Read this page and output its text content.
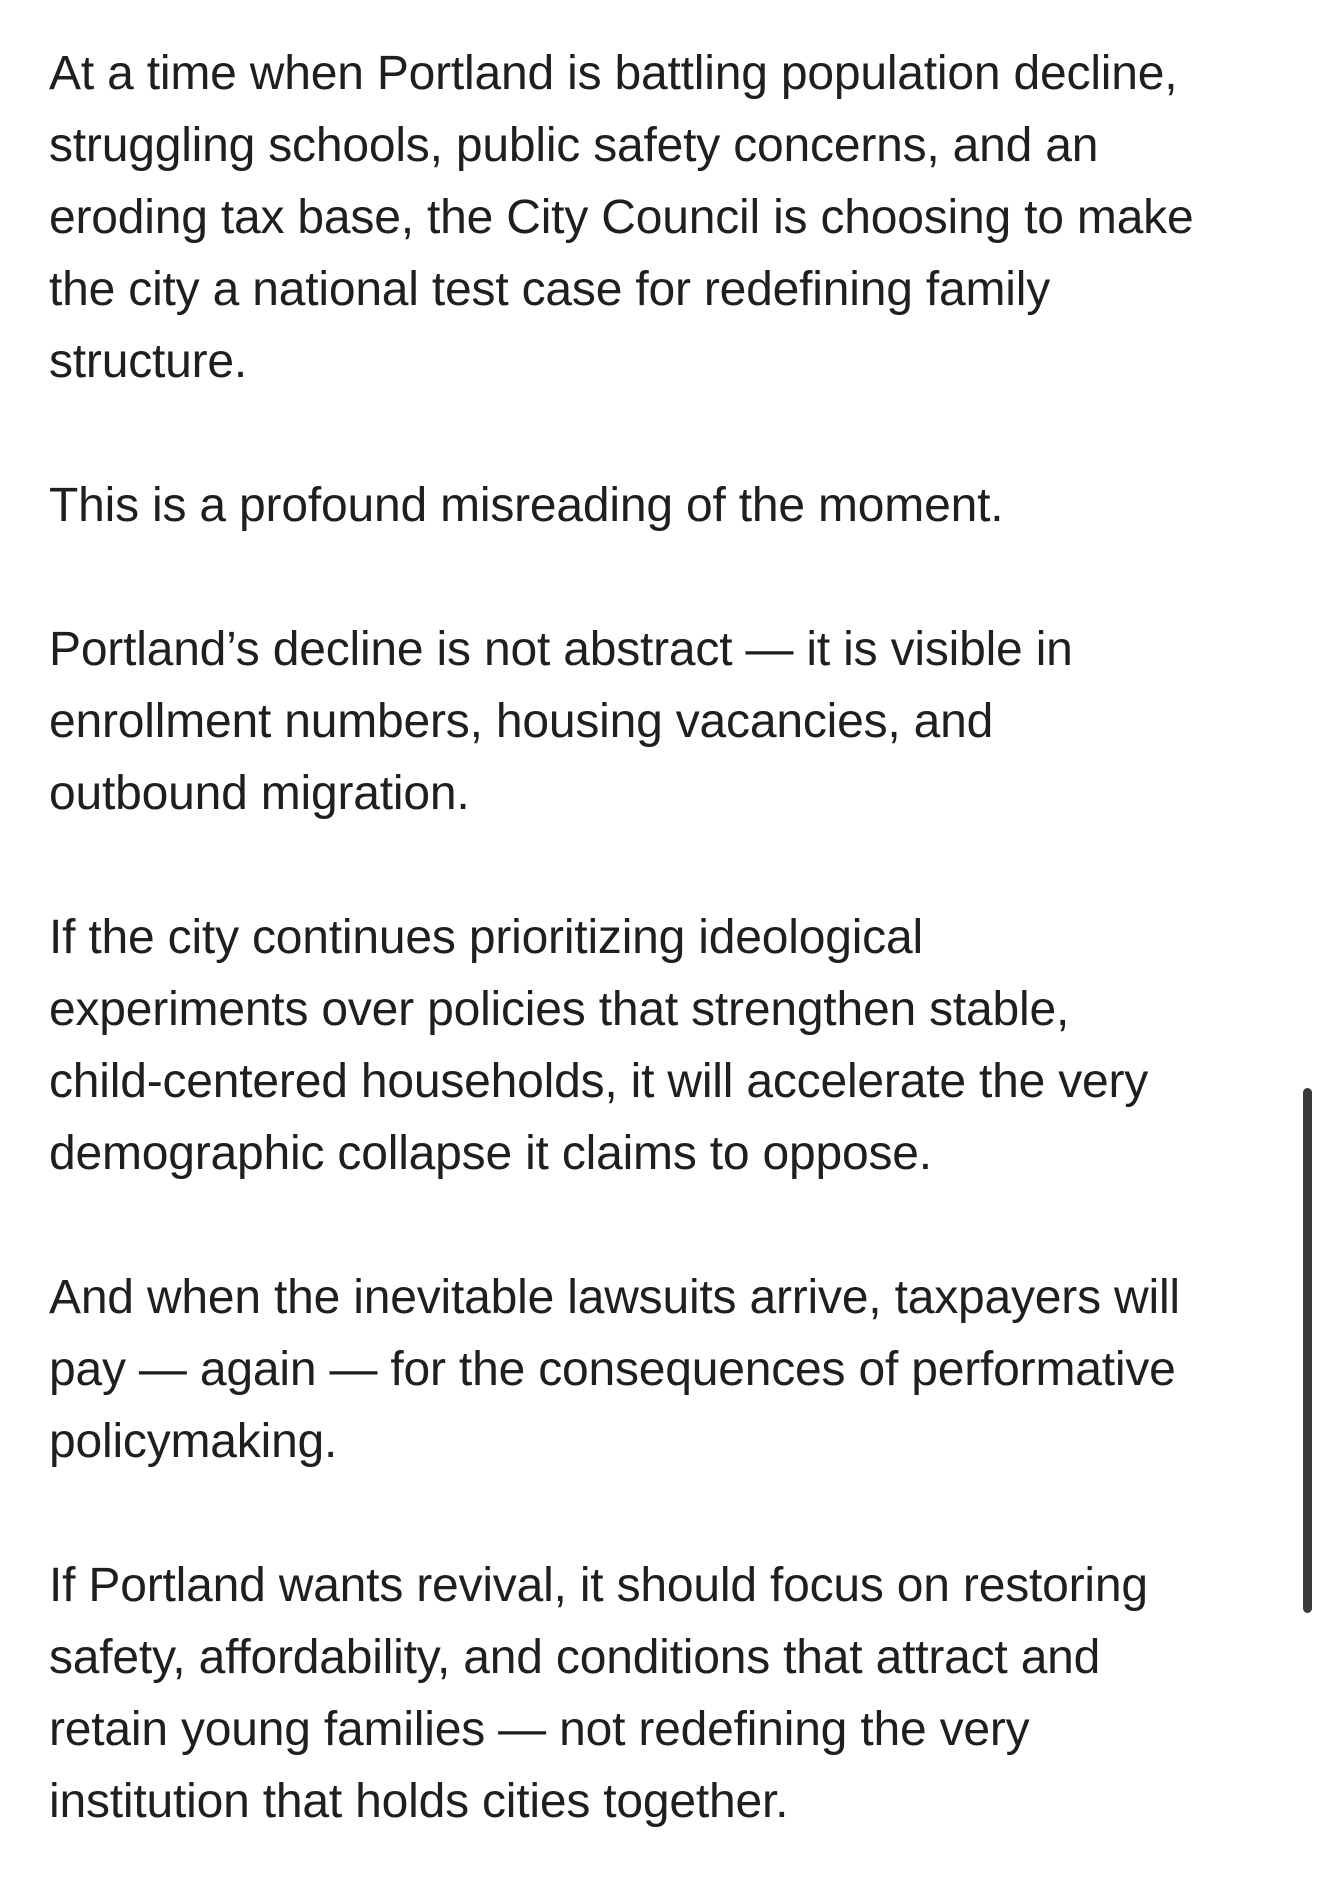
At a time when Portland is battling population decline,
struggling schools, public safety concerns, and an
eroding tax base, the City Council is choosing to make
the city a national test case for redefining family
structure.

This is a profound misreading of the moment.

Portland’s decline is not abstract — it is visible in
enrollment numbers, housing vacancies, and
outbound migration.

If the city continues prioritizing ideological
experiments over policies that strengthen stable,
child-centered households, it will accelerate the very
demographic collapse it claims to oppose.

And when the inevitable lawsuits arrive, taxpayers will
pay — again — for the consequences of performative
policymaking.

If Portland wants revival, it should focus on restoring
safety, affordability, and conditions that attract and
retain young families — not redefining the very
institution that holds cities together.
